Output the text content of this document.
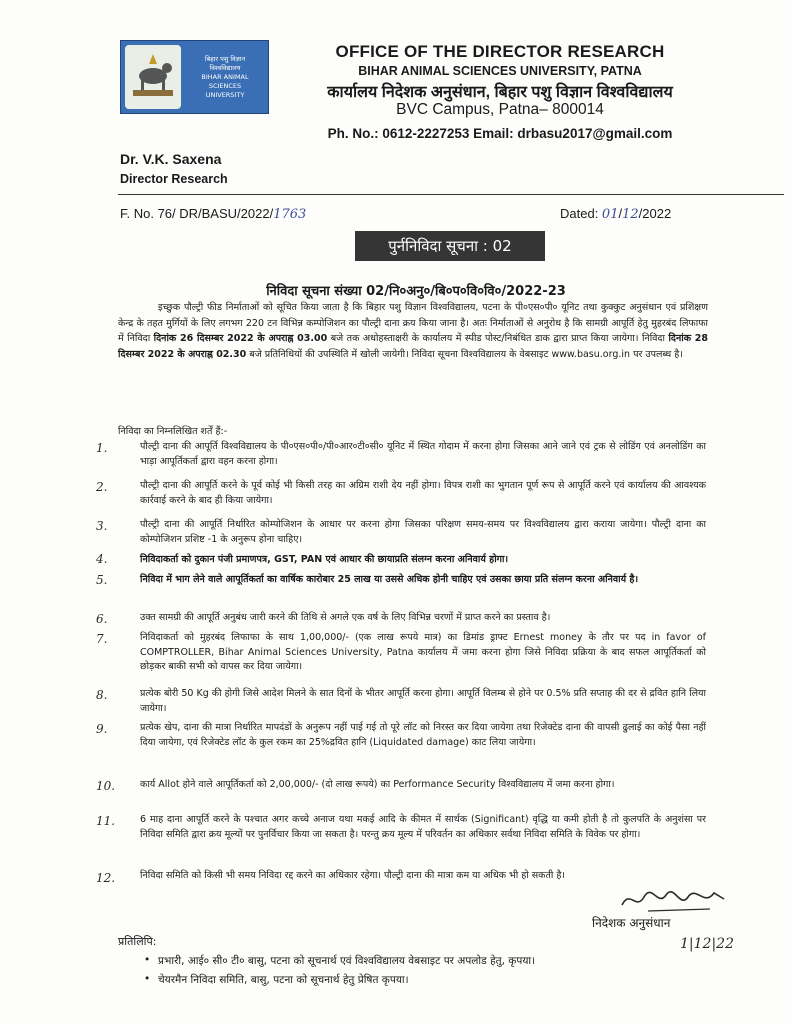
बिहार पशु विज्ञान
विश्वविद्यालय
BIHAR ANIMAL SCIENCES
UNIVERSITY
OFFICE OF THE DIRECTOR RESEARCH
BIHAR ANIMAL SCIENCES UNIVERSITY, PATNA
कार्यालय निदेशक अनुसंधान, बिहार पशु विज्ञान विश्वविद्यालय
BVC Campus, Patna– 800014
Ph. No.: 0612-2227253 Email: drbasu2017@gmail.com
Dr. V.K. Saxena
Director Research
F. No. 76/ DR/BASU/2022/1763	Dated: 01/12/2022
पुर्ननिविदा सूचना : 02
निविदा सूचना संख्या 02/नि०अनु०/बि०प०वि०वि०/2022-23
इच्छुक पौल्ट्री फीड निर्माताओं को सूचित किया जाता है कि बिहार पशु विज्ञान विश्वविद्यालय, पटना के पी०एस०पी० यूनिट तथा कुक्कुट अनुसंधान एवं प्रशिक्षण केन्द्र के तहत मुर्गियों के लिए लगभग 220 टन विभिन्न कम्पोजिशन का पौल्ट्री दाना क्रय किया जाना है। अतः निर्माताओं से अनुरोध है कि सामग्री आपूर्ति हेतु मुहरबंद लिफाफा में निविदा दिनांक 26 दिसम्बर 2022 के अपराह्न 03.00 बजे तक अधोहस्ताक्षरी के कार्यालय में स्पीड पोस्ट/निबंधित डाक द्वारा प्राप्त किया जायेगा। निविदा दिनांक 28 दिसम्बर 2022 के अपराह्न 02.30 बजे प्रतिनिधियों की उपस्थिति में खोली जायेगी। निविदा सूचना विश्वविद्यालय के वेबसाइट www.basu.org.in पर उपलब्ध है।
निविदा का निम्नलिखित शर्तें हैं:-
1.	पौल्ट्री दाना की आपूर्ति विश्वविद्यालय के पी०एस०पी०/पी०आर०टी०सी० यूनिट में स्थित गोदाम में करना होगा जिसका आने जाने एवं ट्रक से लोडिंग एवं अनलोडिंग का भाड़ा आपूर्तिकर्ता द्वारा वहन करना होगा।
2.	पौल्ट्री दाना की आपूर्ति करने के पूर्व कोई भी किसी तरह का अग्रिम राशी देय नहीं होगा। विपत्र राशी का भुगतान पूर्ण रूप से आपूर्ति करने एवं कार्यालय की आवश्यक कार्रवाई करने के बाद ही किया जायेगा।
3.	पौल्ट्री दाना की आपूर्ति निर्धारित कोम्पोजिशन के आधार पर करना होगा जिसका परिक्षण समय-समय पर विश्वविद्यालय द्वारा कराया जायेगा। पौल्ट्री दाना का कोम्पोजिशन प्रशिष्ट -1 के अनुरूप होना चाहिए।
4.	निविदाकर्ता को दुकान पंजी प्रमाणपत्र, GST, PAN एवं आधार की छायाप्रति संलग्न करना अनिवार्य होगा।
5.	निविदा में भाग लेने वाले आपूर्तिकर्ता का वार्षिक कारोबार 25 लाख या उससे अधिक होनी चाहिए एवं उसका छाया प्रति संलग्न करना अनिवार्य है।
6.	उक्त सामग्री की आपूर्ति अनुबंध जारी करने की तिथि से अगले एक वर्ष के लिए विभिन्न चरणों में प्राप्त करने का प्रस्ताव है।
7.	निविदाकर्ता को मुहरबंद लिफाफा के साथ 1,00,000/- (एक लाख रूपये मात्र) का डिमांड ड्राफ्ट Ernest money के तौर पर पद in favor of COMPTROLLER, Bihar Animal Sciences University, Patna कार्यालय में जमा करना होगा जिसे निविदा प्रक्रिया के बाद सफल आपूर्तिकर्ता को छोड़कर बाकी सभी को वापस कर दिया जायेगा।
8.	प्रत्येक बोरी 50 Kg की होगी जिसे आदेश मिलने के सात दिनों के भीतर आपूर्ति करना होगा। आपूर्ति विलम्ब से होने पर 0.5% प्रति सप्ताह की दर से द्रवित हानि लिया जायेगा।
9.	प्रत्येक खेप, दाना की मात्रा निर्धारित मापदंडों के अनुरूप नहीं पाई गई तो पूरे लॉट को निरस्त कर दिया जायेगा तथा रिजेक्टेड दाना की वापसी ढुलाई का कोई पैसा नहीं दिया जायेगा, एवं रिजेक्टेड लॉट के कुल रकम का 25%द्रवित हानि (Liquidated damage) काट लिया जायेगा।
10.	कार्य Allot होने वाले आपूर्तिकर्ता को 2,00,000/- (दो लाख रूपये) का Performance Security विश्वविद्यालय में जमा करना होगा।
11.	6 माह दाना आपूर्ति करने के पश्चात अगर कच्चे अनाज यथा मकई आदि के कीमत में सार्थक (Significant) वृद्धि या कमी होती है तो कुलपति के अनुशंसा पर निविदा समिति द्वारा क्रय मूल्यों पर पुनर्विचार किया जा सकता है। परन्तु क्रय मूल्य में परिवर्तन का अधिकार सर्वथा निविदा समिति के विवेक पर होगा।
12.	निविदा समिति को किसी भी समय निविदा रद्द करने का अधिकार रहेगा। पौल्ट्री दाना की मात्रा कम या अधिक भी हो सकती है।
निदेशक अनुसंधान
1|12|22
प्रतिलिपि:
• प्रभारी, आई० सी० टी० बासु, पटना को सूचनार्थ एवं विश्वविद्यालय वेबसाइट पर अपलोड हेतु, कृपया।
• चेयरमैन निविदा समिति, बासु, पटना को सूचनार्थ हेतु प्रेषित कृपया।
